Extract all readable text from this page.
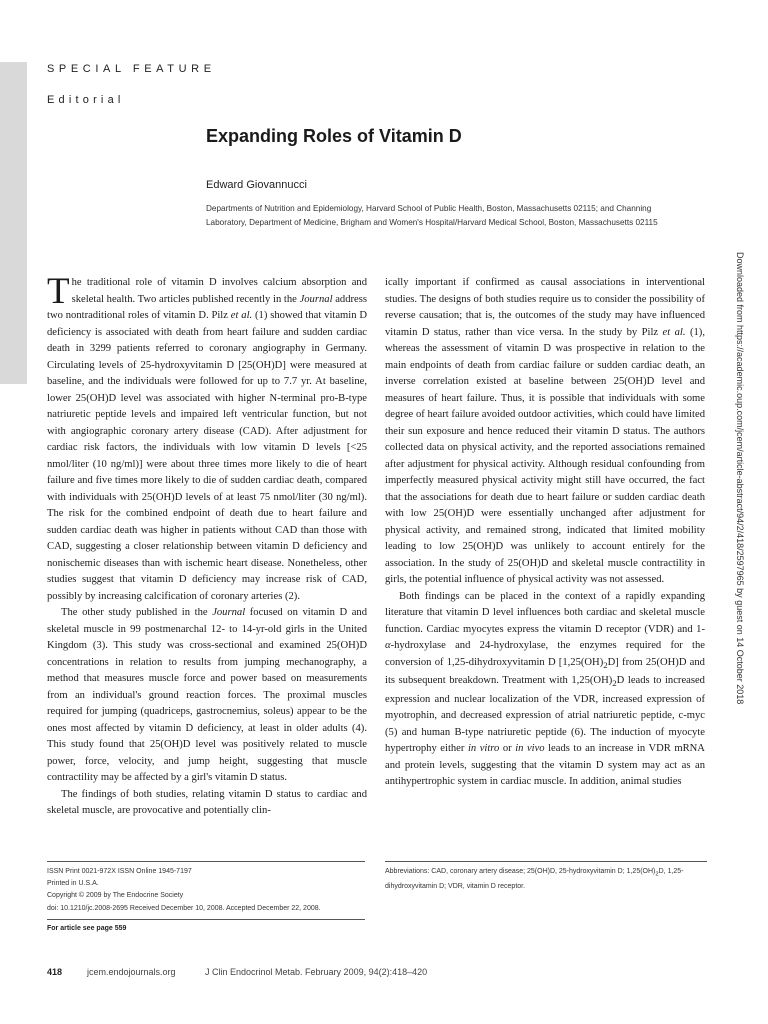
SPECIAL FEATURE
Editorial
Expanding Roles of Vitamin D
Edward Giovannucci

Departments of Nutrition and Epidemiology, Harvard School of Public Health, Boston, Massachusetts 02115; and Channing Laboratory, Department of Medicine, Brigham and Women's Hospital/Harvard Medical School, Boston, Massachusetts 02115

The traditional role of vitamin D involves calcium absorption and skeletal health. Two articles published recently in the Journal address two nontraditional roles of vitamin D. Pilz et al. (1) showed that vitamin D deficiency is associated with death from heart failure and sudden cardiac death in 3299 patients referred to coronary angiography in Germany. Circulating levels of 25-hydroxyvitamin D [25(OH)D] were measured at baseline, and the individuals were followed for up to 7.7 yr. At baseline, lower 25(OH)D level was associated with higher N-terminal pro-B-type natriuretic peptide levels and impaired left ventricular function, but not with angiographic coronary artery disease (CAD). After adjustment for cardiac risk factors, the individuals with low vitamin D levels [<25 nmol/liter (10 ng/ml)] were about three times more likely to die of heart failure and five times more likely to die of sudden cardiac death, compared with individuals with 25(OH)D levels of at least 75 nmol/liter (30 ng/ml). The risk for the combined endpoint of death due to heart failure and sudden cardiac death was higher in patients without CAD than those with CAD, suggesting a closer relationship between vitamin D deficiency and nonischemic diseases than with ischemic heart disease. Nonetheless, other studies suggest that vitamin D deficiency may increase risk of CAD, possibly by increasing calcification of coronary arteries (2).

The other study published in the Journal focused on vitamin D and skeletal muscle in 99 postmenarchal 12- to 14-yr-old girls in the United Kingdom (3). This study was cross-sectional and examined 25(OH)D concentrations in relation to results from jumping mechanography, a method that measures muscle force and power based on measurements from an individual's ground reaction forces. The proximal muscles required for jumping (quadriceps, gastrocnemius, soleus) appear to be the ones most affected by vitamin D deficiency, at least in older adults (4). This study found that 25(OH)D level was positively related to muscle power, force, velocity, and jump height, suggesting that muscle contractility may be affected by a girl's vitamin D status.

The findings of both studies, relating vitamin D status to cardiac and skeletal muscle, are provocative and potentially clin-

ically important if confirmed as causal associations in interventional studies. The designs of both studies require us to consider the possibility of reverse causation; that is, the outcomes of the study may have influenced vitamin D status, rather than vice versa. In the study by Pilz et al. (1), whereas the assessment of vitamin D was prospective in relation to the main endpoints of death from cardiac failure or sudden cardiac death, an inverse correlation existed at baseline between 25(OH)D level and measures of heart failure. Thus, it is possible that individuals with some degree of heart failure avoided outdoor activities, which could have limited their sun exposure and hence reduced their vitamin D status. The authors collected data on physical activity, and the reported associations remained after adjustment for physical activity. Although residual confounding from imperfectly measured physical activity might still have occurred, the fact that the associations for death due to heart failure or sudden cardiac death with low 25(OH)D were essentially unchanged after adjustment for physical activity, and remained strong, indicated that limited mobility leading to low 25(OH)D was unlikely to account entirely for the association. In the study of 25(OH)D and skeletal muscle contractility in girls, the potential influence of physical activity was not assessed.

Both findings can be placed in the context of a rapidly expanding literature that vitamin D level influences both cardiac and skeletal muscle function. Cardiac myocytes express the vitamin D receptor (VDR) and 1-α-hydroxylase and 24-hydroxylase, the enzymes required for the conversion of 1,25-dihydroxyvitamin D $[1,25(OH)_2D]$ from 25(OH)D and its subsequent breakdown. Treatment with $1,25(OH)_2D$ leads to increased expression and nuclear localization of the VDR, increased expression of myotrophin, and decreased expression of atrial natriuretic peptide, c-myc (5) and human B-type natriuretic peptide (6). The induction of myocyte hypertrophy either in vitro or in vivo leads to an increase in VDR mRNA and protein levels, suggesting that the vitamin D system may act as an antihypertrophic system in cardiac muscle. In addition, animal studies

ISSN Print 0021-972X ISSN Online 1945-7197
Printed in U.S.A.
Copyright © 2009 by The Endocrine Society
doi: 10.1210/jc.2008-2695 Received December 10, 2008. Accepted December 22, 2008.

Abbreviations: CAD, coronary artery disease; 25(OH)D, 25-hydroxyvitamin D; $1,25(OH)_2D$, 1,25-dihydroxyvitamin D; VDR, vitamin D receptor.

For article see page 559
418	jcem.endojournals.org	J Clin Endocrinol Metab. February 2009, 94(2):418–420
Downloaded from https://academic.oup.com/jcem/article-abstract/94/2/418/2597965 by guest on 14 October 2018
